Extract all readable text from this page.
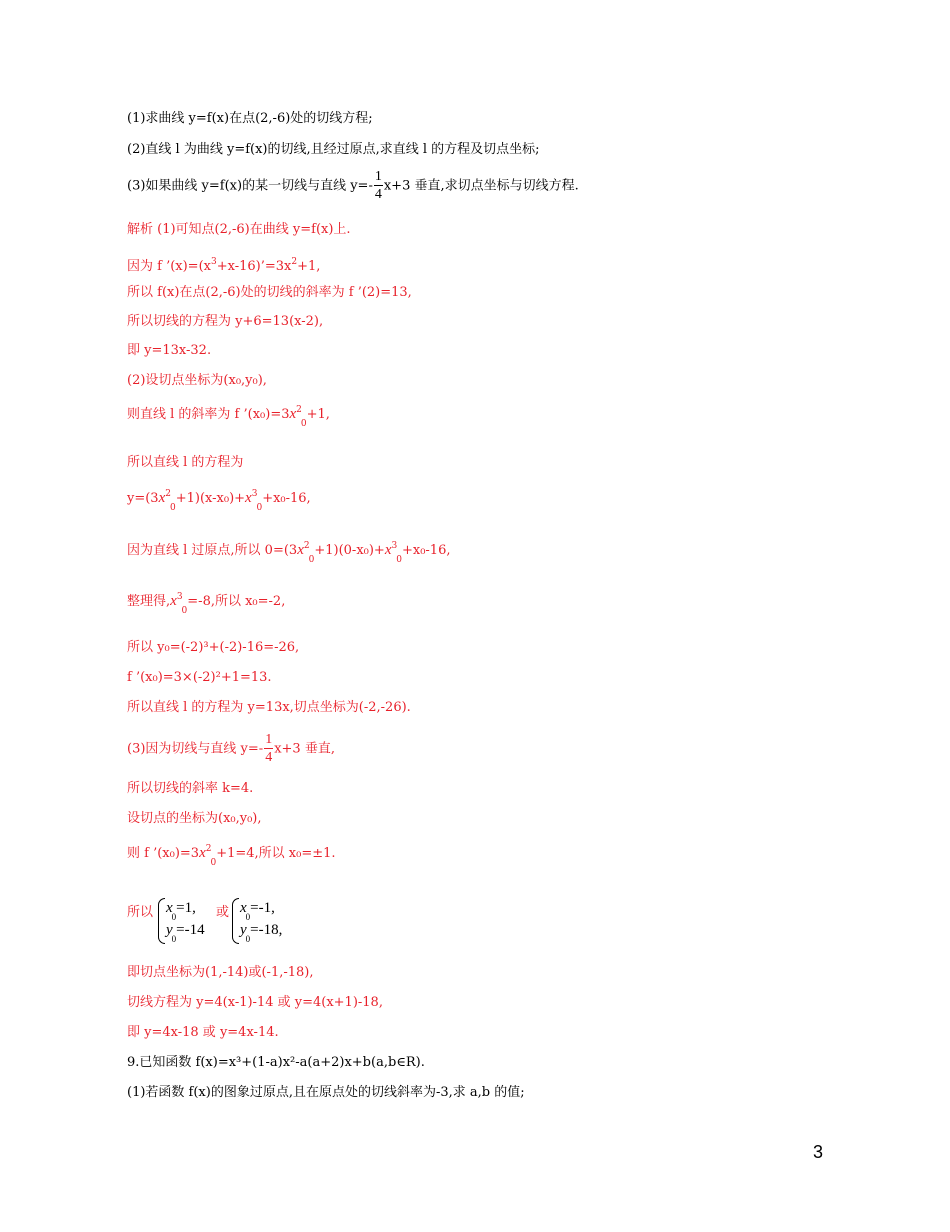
(1)求曲线 y=f(x)在点(2,-6)处的切线方程;
(2)直线 l 为曲线 y=f(x)的切线,且经过原点,求直线 l 的方程及切点坐标;
(3)如果曲线 y=f(x)的某一切线与直线 $y=- \frac{1}{4} x+3$ 垂直,求切点坐标与切线方程.
解析 (1)可知点(2,-6)在曲线 y=f(x)上.
因为 f $’(x)=(x^3+x-16)’=3x^2+1$,
所以 f(x)在点(2,-6)处的切线的斜率为 f ’(2)=13,
所以切线的方程为 y+6=13(x-2),
即 y=13x-32.
(2)设切点坐标为(x₀,y₀),
则直线 l 的斜率为 f $’(x_0)=3x^2_0+1$,
所以直线 l 的方程为
$y=(3x^2_0+1)(x-x_0)+x^3_0+x_0-16$,
因为直线 l 过原点,所以 $0=(3x^2_0+1)(0-x_0)+x^3_0+x_0-16$,
整理得$,x^3_0=-8$,所以 x₀=-2,
所以 y₀=(-2)³+(-2)-16=-26,
f ’(x₀)=3×(-2)²+1=13.
所以直线 l 的方程为 y=13x,切点坐标为(-2,-26).
(3)因为切线与直线 $y=- \frac{1}{4} x+3$ 垂直,
所以切线的斜率 k=4.
设切点的坐标为(x₀,y₀),
则 f $’(x_0)=3x^2_0+1=4$,所以 x₀=±1.
所以 $x_0=1$,
$y_0=-14$
或 $x_0=-1$,
$y_0=-18$,
即切点坐标为(1,-14)或(-1,-18),
切线方程为 y=4(x-1)-14 或 y=4(x+1)-18,
即 y=4x-18 或 y=4x-14.
9.已知函数 f(x)=x³+(1-a)x²-a(a+2)x+b(a,b∈R).
(1)若函数 f(x)的图象过原点,且在原点处的切线斜率为-3,求 a,b 的值;
3
